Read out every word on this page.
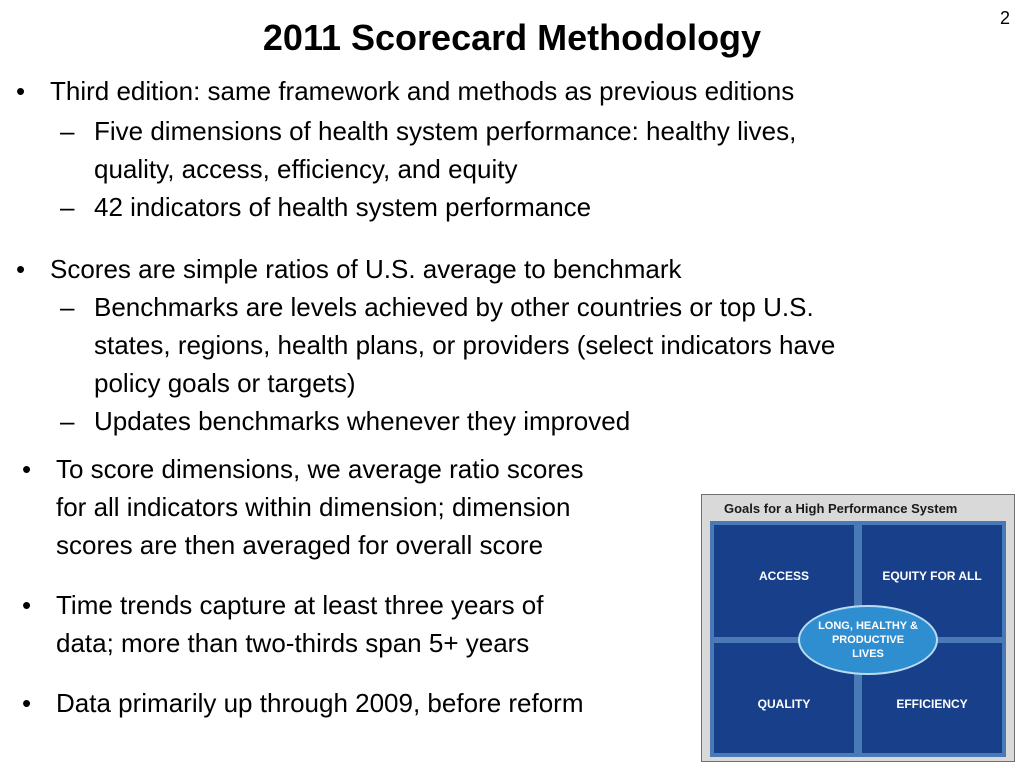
2
2011 Scorecard Methodology
• Third edition: same framework and methods as previous editions
– Five dimensions of health system performance: healthy lives,
quality, access, efficiency, and equity
– 42 indicators of health system performance
• Scores are simple ratios of U.S. average to benchmark
– Benchmarks are levels achieved by other countries or top U.S.
states, regions, health plans, or providers (select indicators have
policy goals or targets)
– Updates benchmarks whenever they improved
• To score dimensions, we average ratio scores
for all indicators within dimension; dimension
scores are then averaged for overall score
• Time trends capture at least three years of
data; more than two-thirds span 5+ years
• Data primarily up through 2009, before reform
Goals for a High Performance System
ACCESS	EQUITY FOR ALL
QUALITY	EFFICIENCY
LONG, HEALTHY & PRODUCTIVE LIVES
